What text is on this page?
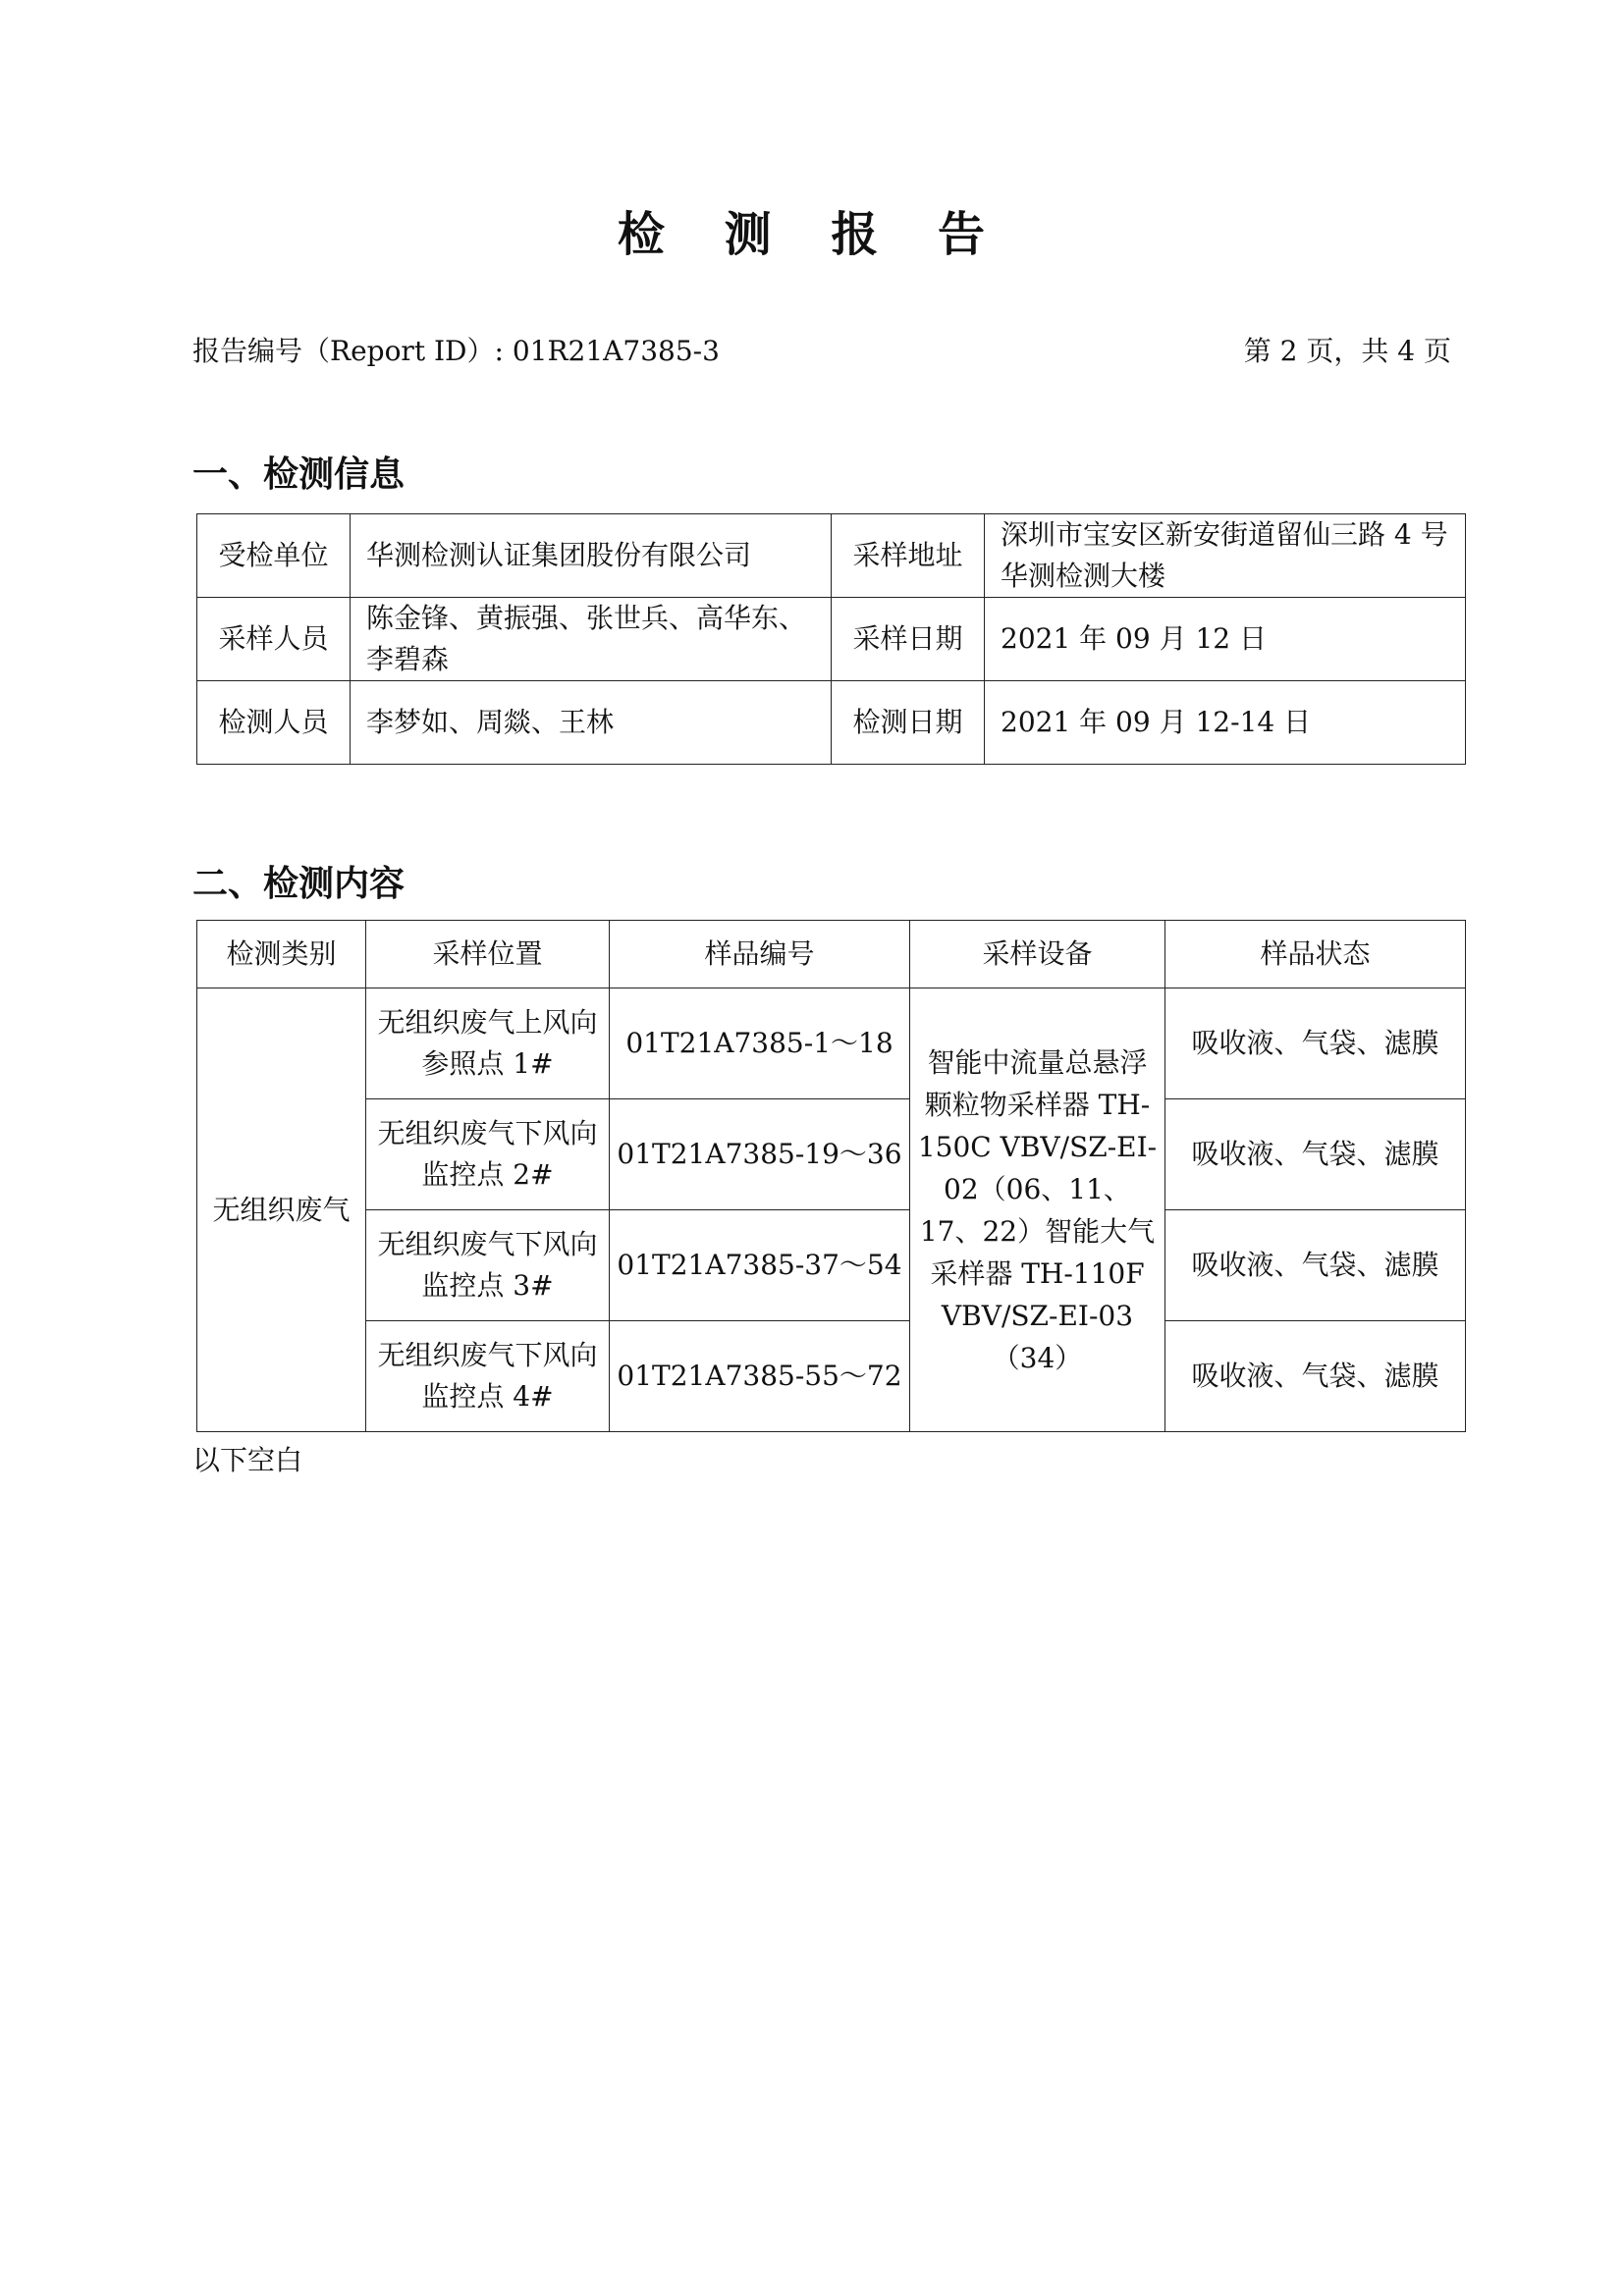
检 测 报 告
报告编号（Report ID）: 01R21A7385-3	第 2 页，共 4 页
一、检测信息
受检单位	华测检测认证集团股份有限公司	采样地址	深圳市宝安区新安街道留仙三路 4 号华测检测大楼
采样人员	陈金锋、黄振强、张世兵、高华东、李碧森	采样日期	2021 年 09 月 12 日
检测人员	李梦如、周燚、王林	检测日期	2021 年 09 月 12-14 日
二、检测内容
检测类别	采样位置	样品编号	采样设备	样品状态
无组织废气	无组织废气上风向参照点 1#	01T21A7385-1～18	智能中流量总悬浮颗粒物采样器 TH-150C VBV/SZ-EI-02（06、11、17、22）智能大气采样器 TH-110F VBV/SZ-EI-03（34）	吸收液、气袋、滤膜
	无组织废气下风向监控点 2#	01T21A7385-19～36		吸收液、气袋、滤膜
	无组织废气下风向监控点 3#	01T21A7385-37～54		吸收液、气袋、滤膜
	无组织废气下风向监控点 4#	01T21A7385-55～72		吸收液、气袋、滤膜
以下空白
